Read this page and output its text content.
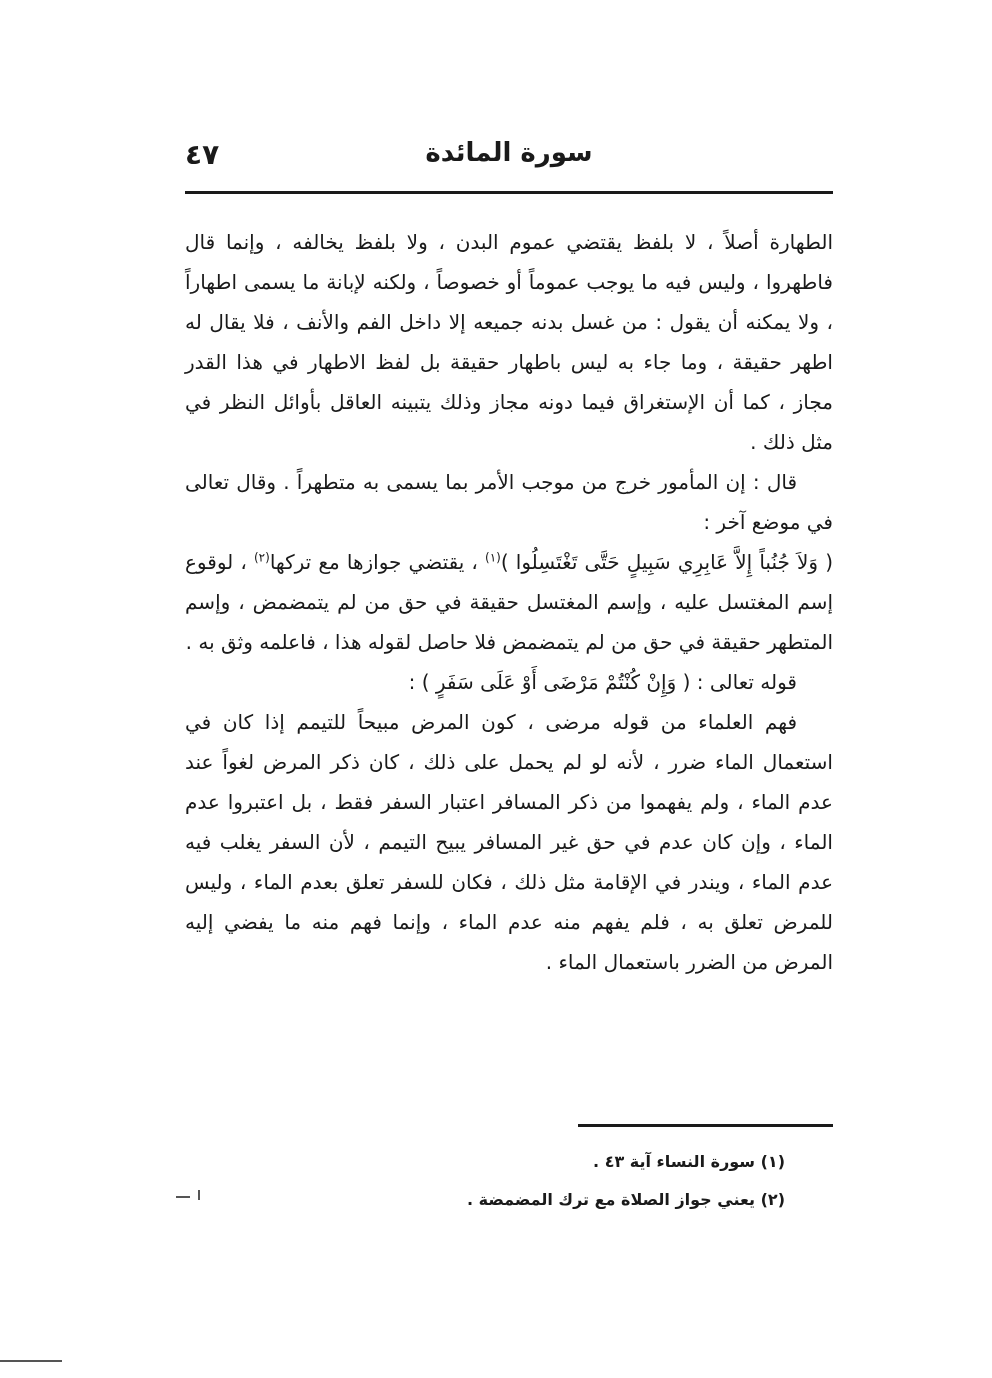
سورة المائدة
٤٧

الطهارة أصلاً ، لا بلفظ يقتضي عموم البدن ، ولا بلفظ يخالفه ، وإنما قال فاطهروا ، وليس فيه ما يوجب عموماً أو خصوصاً ، ولكنه لإبانة ما يسمى اطهاراً ، ولا يمكنه أن يقول : من غسل بدنه جميعه إلا داخل الفم والأنف ، فلا يقال له اطهر حقيقة ، وما جاء به ليس باطهار حقيقة بل لفظ الاطهار في هذا القدر مجاز ، كما أن الإستغراق فيما دونه مجاز وذلك يتبينه العاقل بأوائل النظر في مثل ذلك .

قال : إن المأمور خرج من موجب الأمر بما يسمى به متطهراً . وقال تعالى في موضع آخر :

( وَلاَ جُنُباً إِلاَّ عَابِرِي سَبِيلٍ حَتَّى تَغْتَسِلُوا )$^{(١)}$ ، يقتضي جوازها مع تركها$^{(٢)}$ ، لوقوع إسم المغتسل عليه ، وإسم المغتسل حقيقة في حق من لم يتمضمض ، وإسم المتطهر حقيقة في حق من لم يتمضمض فلا حاصل لقوله هذا ، فاعلمه وثق به .

قوله تعالى : ( وَإِنْ كُنْتُمْ مَرْضَى أَوْ عَلَى سَفَرٍ ) :

فهم العلماء من قوله مرضى ، كون المرض مبيحاً للتيمم إذا كان في استعمال الماء ضرر ، لأنه لو لم يحمل على ذلك ، كان ذكر المرض لغواً عند عدم الماء ، ولم يفهموا من ذكر المسافر اعتبار السفر فقط ، بل اعتبروا عدم الماء ، وإن كان عدم في حق غير المسافر يبيح التيمم ، لأن السفر يغلب فيه عدم الماء ، ويندر في الإقامة مثل ذلك ، فكان للسفر تعلق بعدم الماء ، وليس للمرض تعلق به ، فلم يفهم منه عدم الماء ، وإنما فهم منه ما يفضي إليه المرض من الضرر باستعمال الماء .

(١) سورة النساء آية ٤٣ .

(٢) يعني جواز الصلاة مع ترك المضمضة .
